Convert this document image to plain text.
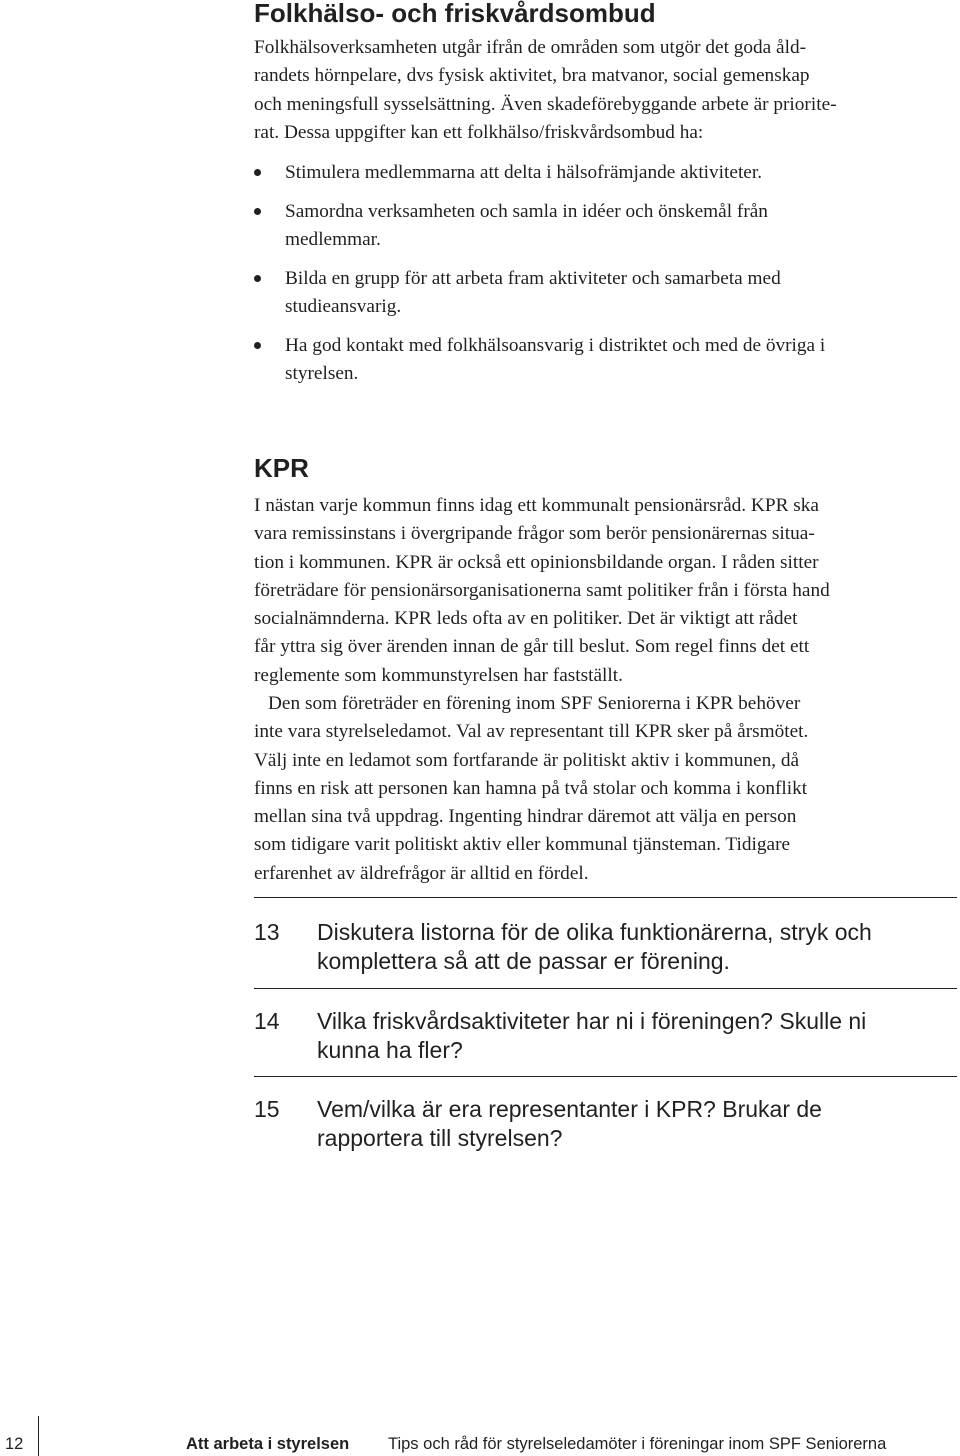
Folkhälso- och friskvårdsombud
Folkhälsoverksamheten utgår ifrån de områden som utgör det goda åld-
randets hörnpelare, dvs fysisk aktivitet, bra matvanor, social gemenskap
och meningsfull sysselsättning. Även skadeförebyggande arbete är priorite-
rat. Dessa uppgifter kan ett folkhälso/friskvårdsombud ha:
Stimulera medlemmarna att delta i hälsofrämjande aktiviteter.
Samordna verksamheten och samla in idéer och önskemål från
medlemmar.
Bilda en grupp för att arbeta fram aktiviteter och samarbeta med
studieansvarig.
Ha god kontakt med folkhälsoansvarig i distriktet och med de övriga i
styrelsen.
KPR
I nästan varje kommun finns idag ett kommunalt pensionärsråd. KPR ska
vara remissinstans i övergripande frågor som berör pensionärernas situa-
tion i kommunen. KPR är också ett opinionsbildande organ. I råden sitter
företrädare för pensionärsorganisationerna samt politiker från i första hand
socialnämnderna. KPR leds ofta av en politiker. Det är viktigt att rådet
får yttra sig över ärenden innan de går till beslut. Som regel finns det ett
reglemente som kommunstyrelsen har fastställt.
Den som företräder en förening inom SPF Seniorerna i KPR behöver
inte vara styrelseledamot. Val av representant till KPR sker på årsmötet.
Välj inte en ledamot som fortfarande är politiskt aktiv i kommunen, då
finns en risk att personen kan hamna på två stolar och komma i konflikt
mellan sina två uppdrag. Ingenting hindrar däremot att välja en person
som tidigare varit politiskt aktiv eller kommunal tjänsteman. Tidigare
erfarenhet av äldrefrågor är alltid en fördel.
13 Diskutera listorna för de olika funktionärerna, stryk och
komplettera så att de passar er förening.
14 Vilka friskvårdsaktiviteter har ni i föreningen? Skulle ni
kunna ha fler?
15 Vem/vilka är era representanter i KPR? Brukar de
rapportera till styrelsen?
12	Att arbeta i styrelsen Tips och råd för styrelseledamöter i föreningar inom SPF Seniorerna
